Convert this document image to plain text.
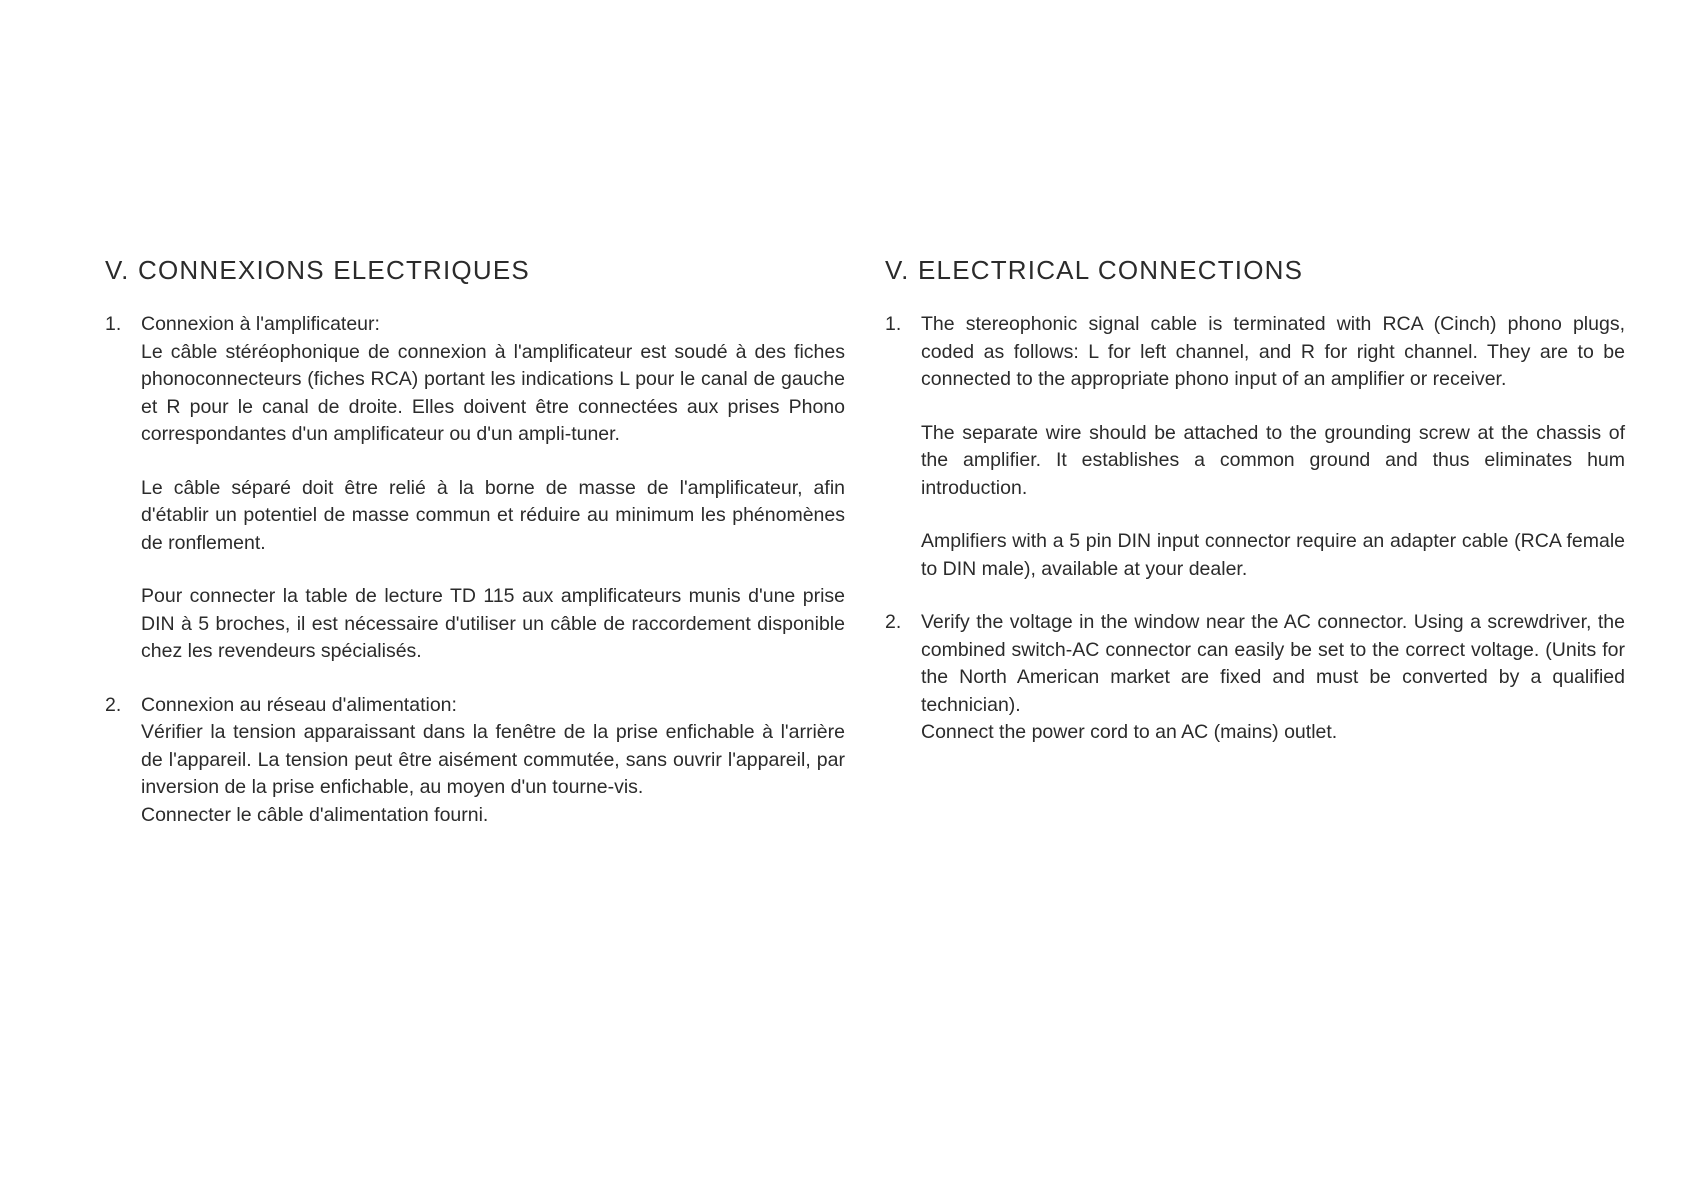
V. CONNEXIONS ELECTRIQUES
1. Connexion à l'amplificateur:

Le câble stéréophonique de connexion à l'amplificateur est soudé à des fiches phonoconnecteurs (fiches RCA) portant les indications L pour le canal de gauche et R pour le canal de droite. Elles doivent être connectées aux prises Phono correspondantes d'un amplificateur ou d'un ampli-tuner.

Le câble séparé doit être relié à la borne de masse de l'amplificateur, afin d'établir un potentiel de masse commun et réduire au minimum les phénomènes de ronflement.

Pour connecter la table de lecture TD 115 aux amplificateurs munis d'une prise DIN à 5 broches, il est nécessaire d'utiliser un câble de raccordement disponible chez les revendeurs spécialisés.

2. Connexion au réseau d'alimentation:

Vérifier la tension apparaissant dans la fenêtre de la prise enfichable à l'arrière de l'appareil. La tension peut être aisément commutée, sans ouvrir l'appareil, par inversion de la prise enfichable, au moyen d'un tourne-vis.

Connecter le câble d'alimentation fourni.

V. ELECTRICAL CONNECTIONS
1. The stereophonic signal cable is terminated with RCA (Cinch) phono plugs, coded as follows: L for left channel, and R for right channel. They are to be connected to the appropriate phono input of an amplifier or receiver.

The separate wire should be attached to the grounding screw at the chassis of the amplifier. It establishes a common ground and thus eliminates hum introduction.

Amplifiers with a 5 pin DIN input connector require an adapter cable (RCA female to DIN male), available at your dealer.

2. Verify the voltage in the window near the AC connector. Using a screwdriver, the combined switch-AC connector can easily be set to the correct voltage. (Units for the North American market are fixed and must be converted by a qualified technician).

Connect the power cord to an AC (mains) outlet.
